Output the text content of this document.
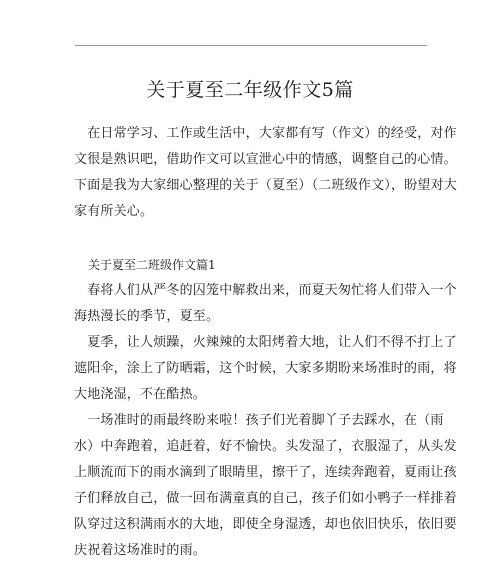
关于夏至二年级作文5篇
　在日常学习、工作或生活中，大家都有写（作文）的经受，对作
文很是熟识吧，借助作文可以宣泄心中的情感，调整自己的心情。
下面是我为大家细心整理的关于（夏至）（二班级作文），盼望对大
家有所关心。
关于夏至二班级作文篇1
　春将人们从严冬的囚笼中解救出来，而夏天匆忙将人们带入一个
海热漫长的季节，夏至。
　夏季，让人烦躁，火辣辣的太阳烤着大地，让人们不得不打上了
遮阳伞，涂上了防晒霜，这个时候，大家多期盼来场准时的雨，将
大地浇湿，不在酷热。
　一场准时的雨最终盼来啦！孩子们光着脚丫子去踩水，在（雨
水）中奔跑着，追赶着，好不愉快。头发湿了，衣服湿了，从头发
上顺流而下的雨水滴到了眼睛里，擦干了，连续奔跑着，夏雨让孩
子们释放自己，做一回布满童真的自己，孩子们如小鸭子一样排着
队穿过这积满雨水的大地，即使全身湿透，却也依旧快乐，依旧要
庆祝着这场准时的雨。
